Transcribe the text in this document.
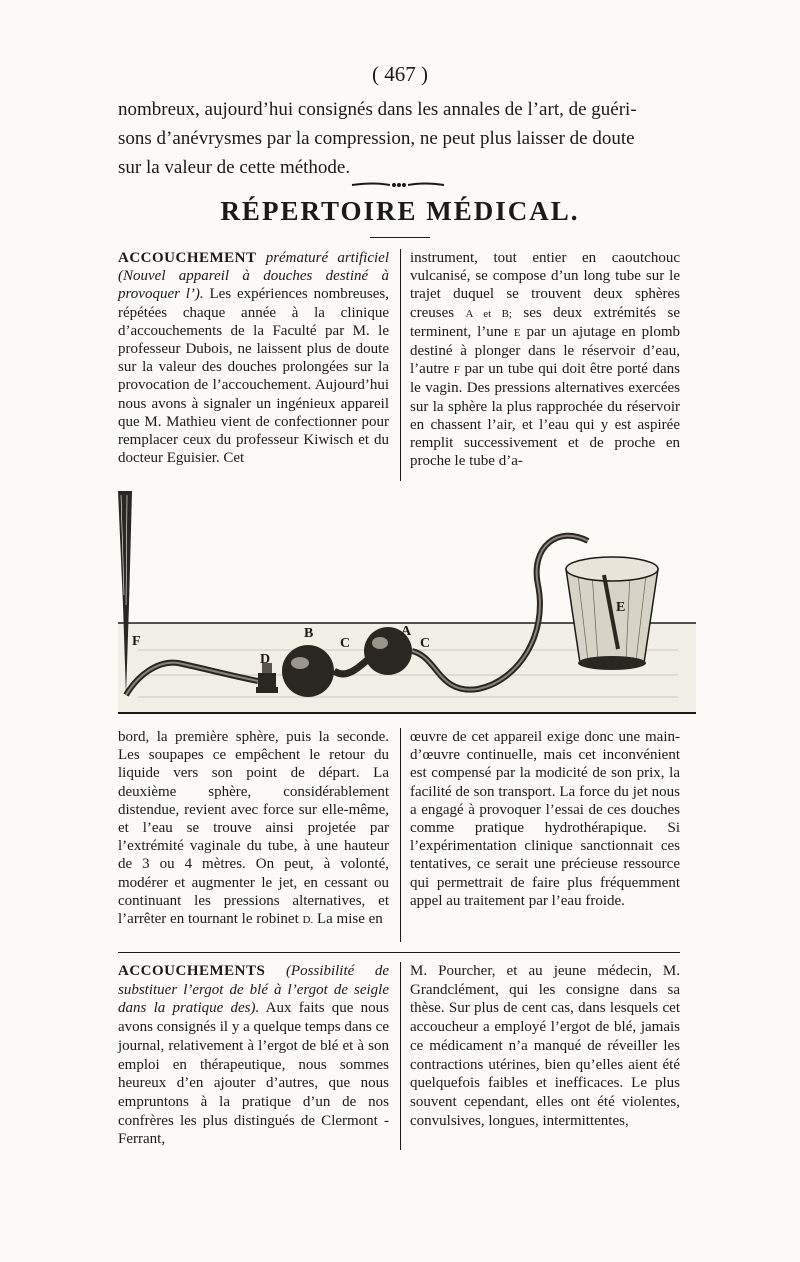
( 467 )

nombreux, aujourd’hui consignés dans les annales de l’art, de guéri-

sons d’anévrysmes par la compression, ne peut plus laisser de doute

sur la valeur de cette méthode.

RÉPERTOIRE MÉDICAL.

ACCOUCHEMENT prématuré artificiel (Nouvel appareil à douches destiné à provoquer l’). Les expériences nombreuses, répétées chaque année à la clinique d’accouchements de la Faculté par M. le professeur Dubois, ne laissent plus de doute sur la valeur des douches prolongées sur la provocation de l’accouchement. Aujourd’hui nous avons à signaler un ingénieux appareil que M. Mathieu vient de confectionner pour remplacer ceux du professeur Kiwisch et du docteur Eguisier. Cet

instrument, tout entier en caoutchouc vulcanisé, se compose d’un long tube sur le trajet duquel se trouvent deux sphères creuses A et B; ses deux extrémités se terminent, l’une E par un ajutage en plomb destiné à plonger dans le réservoir d’eau, l’autre F par un tube qui doit être porté dans le vagin. Des pressions alternatives exercées sur la sphère la plus rapprochée du réservoir en chassent l’air, et l’eau qui y est aspirée remplit successivement et de proche en proche le tube d’a-

F
D
B
C
A
C
E

bord, la première sphère, puis la seconde. Les soupapes ce empêchent le retour du liquide vers son point de départ. La deuxième sphère, considérablement distendue, revient avec force sur elle-même, et l’eau se trouve ainsi projetée par l’extrémité vaginale du tube, à une hauteur de 3 ou 4 mètres. On peut, à volonté, modérer et augmenter le jet, en cessant ou continuant les pressions alternatives, et l’arrêter en tournant le robinet D. La mise en

œuvre de cet appareil exige donc une main-d’œuvre continuelle, mais cet inconvénient est compensé par la modicité de son prix, la facilité de son transport. La force du jet nous a engagé à provoquer l’essai de ces douches comme pratique hydrothérapique. Si l’expérimentation clinique sanctionnait ces tentatives, ce serait une précieuse ressource qui permettrait de faire plus fréquemment appel au traitement par l’eau froide.

ACCOUCHEMENTS (Possibilité de substituer l’ergot de blé à l’ergot de seigle dans la pratique des). Aux faits que nous avons consignés il y a quelque temps dans ce journal, relativement à l’ergot de blé et à son emploi en thérapeutique, nous sommes heureux d’en ajouter d’autres, que nous empruntons à la pratique d’un de nos confrères les plus distingués de Clermont - Ferrant,

M. Pourcher, et au jeune médecin, M. Grandclément, qui les consigne dans sa thèse. Sur plus de cent cas, dans lesquels cet accoucheur a employé l’ergot de blé, jamais ce médicament n’a manqué de réveiller les contractions utérines, bien qu’elles aient été quelquefois faibles et inefficaces. Le plus souvent cependant, elles ont été violentes, convulsives, longues, intermittentes,
